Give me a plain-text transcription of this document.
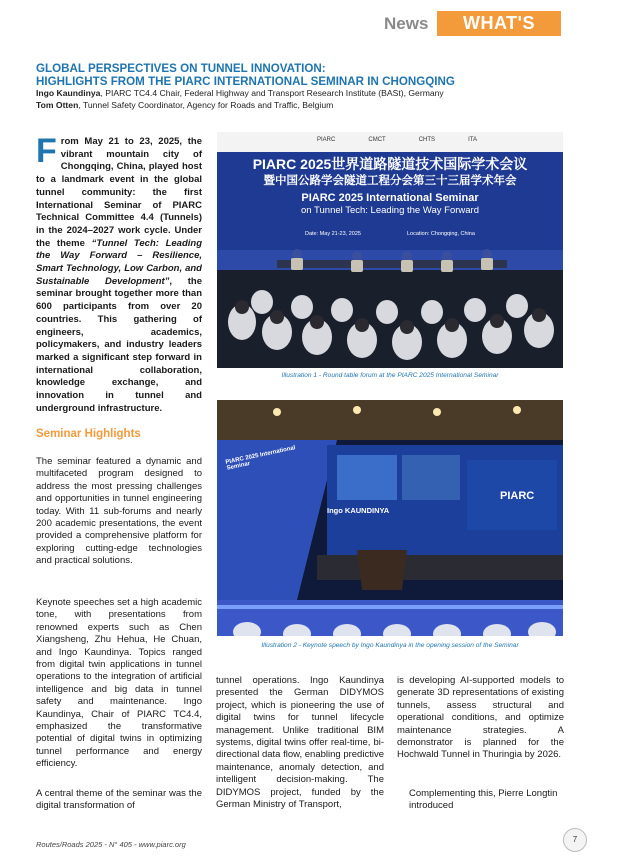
News	WHAT'S NEW?
GLOBAL PERSPECTIVES ON TUNNEL INNOVATION:
HIGHLIGHTS FROM THE PIARC INTERNATIONAL SEMINAR IN CHONGQING
Ingo Kaundinya, PIARC TC4.4 Chair, Federal Highway and Transport Research Institute (BASt), Germany
Tom Otten, Tunnel Safety Coordinator, Agency for Roads and Traffic, Belgium
From May 21 to 23, 2025, the vibrant mountain city of Chongqing, China, played host to a landmark event in the global tunnel community: the first International Seminar of PIARC Technical Committee 4.4 (Tunnels) in the 2024–2027 work cycle. Under the theme “Tunnel Tech: Leading the Way Forward – Resilience, Smart Technology, Low Carbon, and Sustainable Development”, the seminar brought together more than 600 participants from over 20 countries. This gathering of engineers, academics, policymakers, and industry leaders marked a significant step forward in international collaboration, knowledge exchange, and innovation in tunnel and underground infrastructure.
Seminar Highlights
The seminar featured a dynamic and multifaceted program designed to address the most pressing challenges and opportunities in tunnel engineering today. With 11 sub-forums and nearly 200 academic presentations, the event provided a comprehensive platform for exploring cutting-edge technologies and practical solutions.
Keynote speeches set a high academic tone, with presentations from renowned experts such as Chen Xiangsheng, Zhu Hehua, He Chuan, and Ingo Kaundinya. Topics ranged from digital twin applications in tunnel operations to the integration of artificial intelligence and big data in tunnel safety and maintenance. Ingo Kaundinya, Chair of PIARC TC4.4, emphasized the transformative potential of digital twins in optimizing tunnel performance and energy efficiency.
A central theme of the seminar was the digital transformation of
tunnel operations. Ingo Kaundinya presented the German DIDYMOS project, which is pioneering the use of digital twins for tunnel lifecycle management. Unlike traditional BIM systems, digital twins offer real-time, bi-directional data flow, enabling predictive maintenance, anomaly detection, and intelligent decision-making. The DIDYMOS project, funded by the German Ministry of Transport,
is developing AI-supported models to generate 3D representations of existing tunnels, assess structural and operational conditions, and optimize maintenance strategies. A demonstrator is planned for the Hochwald Tunnel in Thuringia by 2026.
Complementing this, Pierre Longtin introduced
PIARC	CMCT	CHTS	ITA
PIARC 2025世界道路隧道技术国际学术会议
暨中国公路学会隧道工程分会第三十三届学术年会
PIARC 2025 International Seminar
on Tunnel Tech: Leading the Way Forward
Date: May 21-23, 2025	Location: Chongqing, China
Illustration 1 - Round table forum at the PIARC 2025 International Seminar
Ingo KAUNDINYA
PIARC 2025 International Seminar
PIARC
Illustration 2 - Keynote speech by Ingo Kaundinya in the opening session of the Seminar
Routes/Roads 2025 - N° 405 - www.piarc.org
7
